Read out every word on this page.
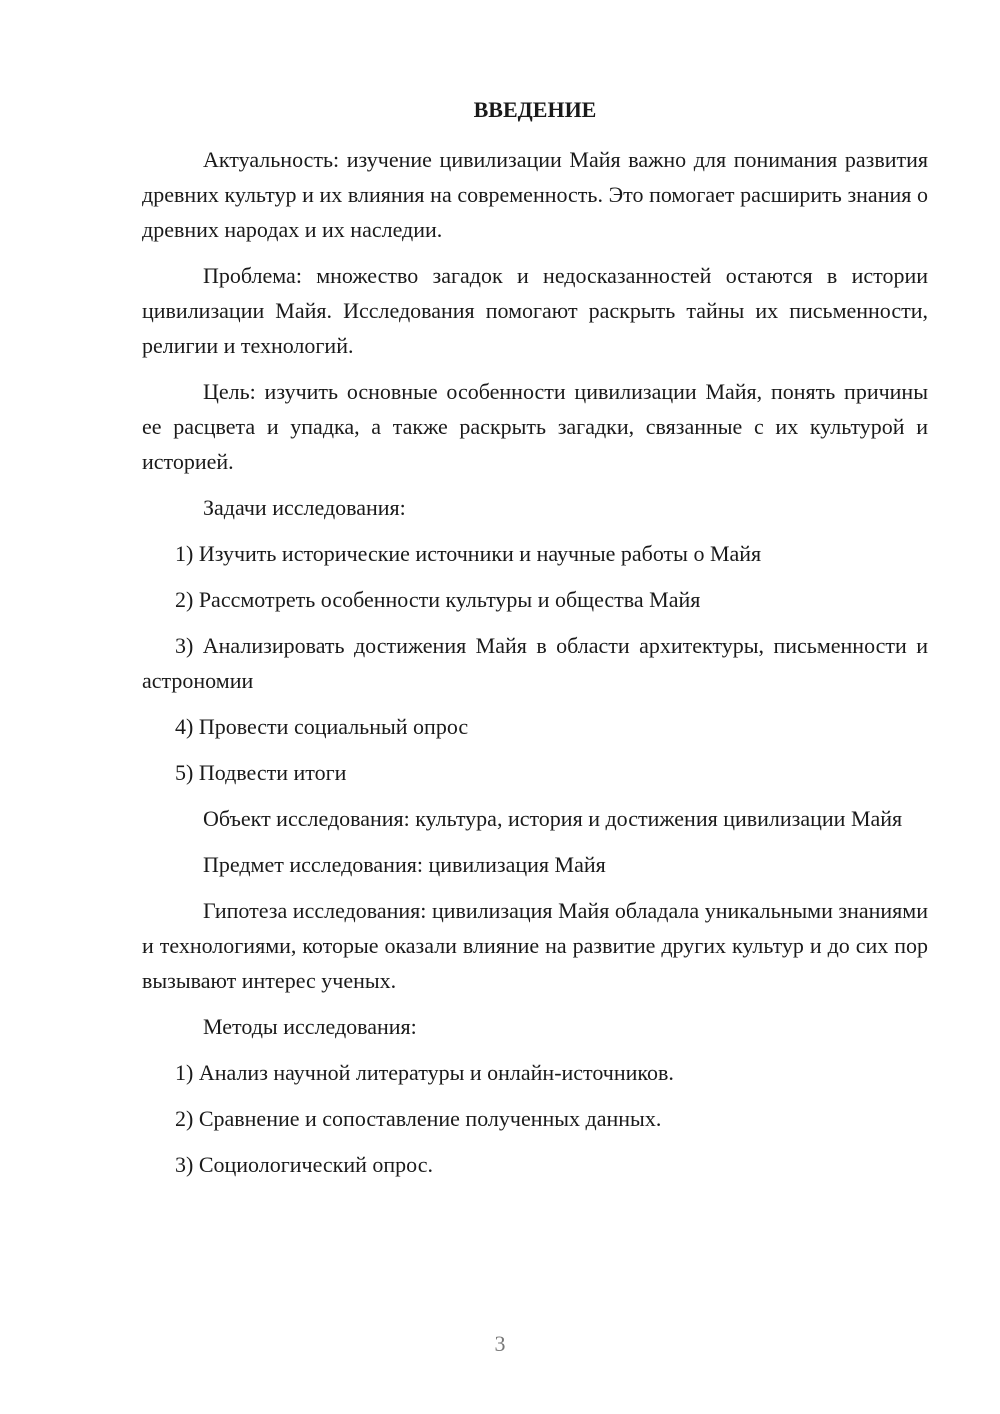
ВВЕДЕНИЕ

Актуальность: изучение цивилизации Майя важно для понимания развития древних культур и их влияния на современность. Это помогает расширить знания о древних народах и их наследии.

Проблема: множество загадок и недосказанностей остаются в истории цивилизации Майя. Исследования помогают раскрыть тайны их письменности, религии и технологий.

Цель: изучить основные особенности цивилизации Майя, понять причины ее расцвета и упадка, а также раскрыть загадки, связанные с их культурой и историей.

Задачи исследования:

1) Изучить исторические источники и научные работы о Майя

2) Рассмотреть особенности культуры и общества Майя

3) Анализировать достижения Майя в области архитектуры, письменности и астрономии

4) Провести социальный опрос

5) Подвести итоги

Объект исследования: культура, история и достижения цивилизации Майя

Предмет исследования: цивилизация Майя

Гипотеза исследования: цивилизация Майя обладала уникальными знаниями и технологиями, которые оказали влияние на развитие других культур и до сих пор вызывают интерес ученых.

Методы исследования:

1) Анализ научной литературы и онлайн-источников.

2) Сравнение и сопоставление полученных данных.

3) Социологический опрос.

3
